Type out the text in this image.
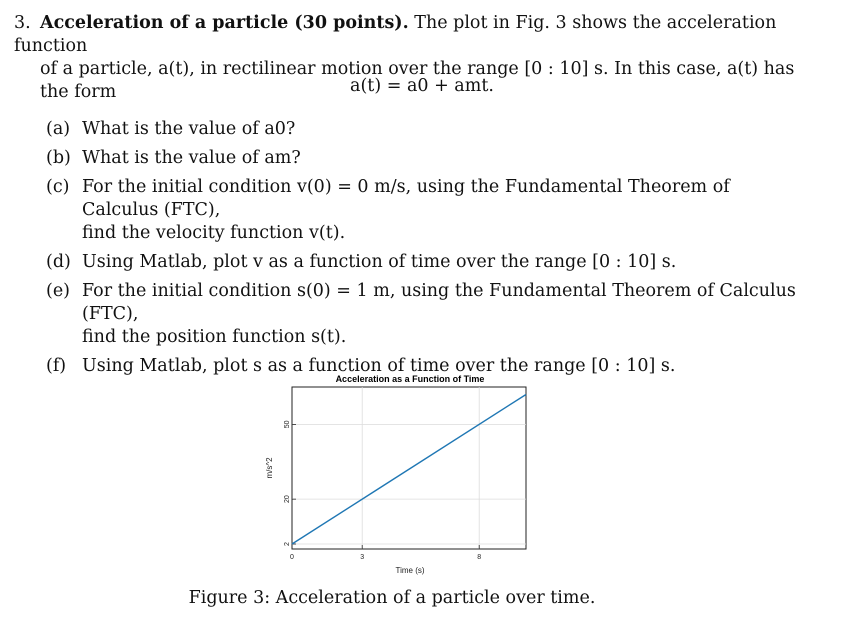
3. Acceleration of a particle (30 points). The plot in Fig. 3 shows the acceleration function
of a particle, a(t), in rectilinear motion over the range [0 : 10] s. In this case, a(t) has the form	a(t) = a0 + amt.
(a) What is the value of a0?
(b) What is the value of am?
(c) For the initial condition v(0) = 0 m/s, using the Fundamental Theorem of Calculus (FTC),
find the velocity function v(t).
(d) Using Matlab, plot v as a function of time over the range [0 : 10] s.
(e) For the initial condition s(0) = 1 m, using the Fundamental Theorem of Calculus (FTC),
find the position function s(t).
(f) Using Matlab, plot s as a function of time over the range [0 : 10] s.
Acceleration as a Function of Time
0	3	8
2
20
50
Time (s)
m/s^2
Figure 3: Acceleration of a particle over time.
